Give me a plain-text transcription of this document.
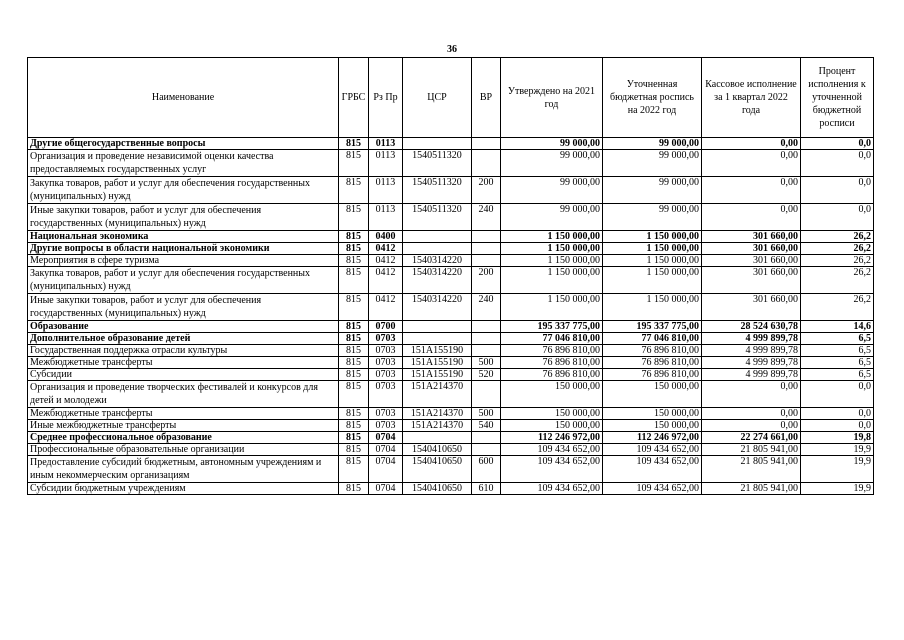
36
Наименование	ГРБС	Рз Пр	ЦСР	ВР	Утверждено на 2021 год	Уточненная бюджетная роспись на 2022 год	Кассовое исполнение за 1 квартал 2022 года	Процент исполнения к уточненной бюджетной росписи
Другие общегосударственные вопросы	815	0113			99 000,00	99 000,00	0,00	0,0
Организация и проведение независимой оценки качества предоставляемых государственных услуг	815	0113	1540511320		99 000,00	99 000,00	0,00	0,0
Закупка товаров, работ и услуг для обеспечения государственных (муниципальных) нужд	815	0113	1540511320	200	99 000,00	99 000,00	0,00	0,0
Иные закупки товаров, работ и услуг для обеспечения государственных (муниципальных) нужд	815	0113	1540511320	240	99 000,00	99 000,00	0,00	0,0
Национальная экономика	815	0400			1 150 000,00	1 150 000,00	301 660,00	26,2
Другие вопросы в области национальной экономики	815	0412			1 150 000,00	1 150 000,00	301 660,00	26,2
Мероприятия в сфере туризма	815	0412	1540314220		1 150 000,00	1 150 000,00	301 660,00	26,2
Закупка товаров, работ и услуг для обеспечения государственных (муниципальных) нужд	815	0412	1540314220	200	1 150 000,00	1 150 000,00	301 660,00	26,2
Иные закупки товаров, работ и услуг для обеспечения государственных (муниципальных) нужд	815	0412	1540314220	240	1 150 000,00	1 150 000,00	301 660,00	26,2
Образование	815	0700			195 337 775,00	195 337 775,00	28 524 630,78	14,6
Дополнительное образование детей	815	0703			77 046 810,00	77 046 810,00	4 999 899,78	6,5
Государственная поддержка отрасли культуры	815	0703	151A155190		76 896 810,00	76 896 810,00	4 999 899,78	6,5
Межбюджетные трансферты	815	0703	151A155190	500	76 896 810,00	76 896 810,00	4 999 899,78	6,5
Субсидии	815	0703	151A155190	520	76 896 810,00	76 896 810,00	4 999 899,78	6,5
Организация и проведение творческих фестивалей и конкурсов для детей и молодежи	815	0703	151A214370		150 000,00	150 000,00	0,00	0,0
Межбюджетные трансферты	815	0703	151A214370	500	150 000,00	150 000,00	0,00	0,0
Иные межбюджетные трансферты	815	0703	151A214370	540	150 000,00	150 000,00	0,00	0,0
Среднее профессиональное образование	815	0704			112 246 972,00	112 246 972,00	22 274 661,00	19,8
Профессиональные образовательные организации	815	0704	1540410650		109 434 652,00	109 434 652,00	21 805 941,00	19,9
Предоставление субсидий бюджетным, автономным учреждениям и иным некоммерческим организациям	815	0704	1540410650	600	109 434 652,00	109 434 652,00	21 805 941,00	19,9
Субсидии бюджетным учреждениям	815	0704	1540410650	610	109 434 652,00	109 434 652,00	21 805 941,00	19,9
